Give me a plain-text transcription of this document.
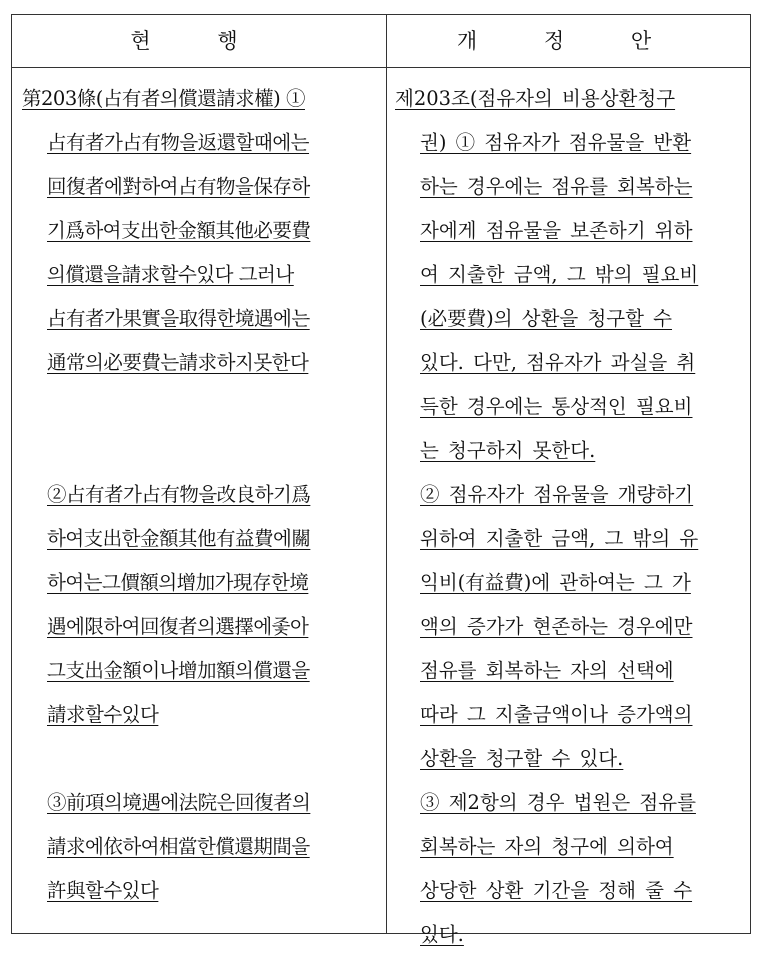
현 행	개 정 안
第203條(占有者의償還請求權) ①
占有者가占有物을返還할때에는
回復者에對하여占有物을保存하
기爲하여支出한金額其他必要費
의償還을請求할수있다 그러나
占有者가果實을取得한境遇에는
通常의必要費는請求하지못한다
②占有者가占有物을改良하기爲
하여支出한金額其他有益費에關
하여는그價額의增加가現存한境
遇에限하여回復者의選擇에좇아
그支出金額이나增加額의償還을
請求할수있다
③前項의境遇에法院은回復者의
請求에依하여相當한償還期間을
許與할수있다
제203조(점유자의 비용상환청구
권) ① 점유자가 점유물을 반환
하는 경우에는 점유를 회복하는
자에게 점유물을 보존하기 위하
여 지출한 금액, 그 밖의 필요비
(必要費)의 상환을 청구할 수
있다. 다만, 점유자가 과실을 취
득한 경우에는 통상적인 필요비
는 청구하지 못한다.
② 점유자가 점유물을 개량하기
위하여 지출한 금액, 그 밖의 유
익비(有益費)에 관하여는 그 가
액의 증가가 현존하는 경우에만
점유를 회복하는 자의 선택에
따라 그 지출금액이나 증가액의
상환을 청구할 수 있다.
③ 제2항의 경우 법원은 점유를
회복하는 자의 청구에 의하여
상당한 상환 기간을 정해 줄 수
있다.
